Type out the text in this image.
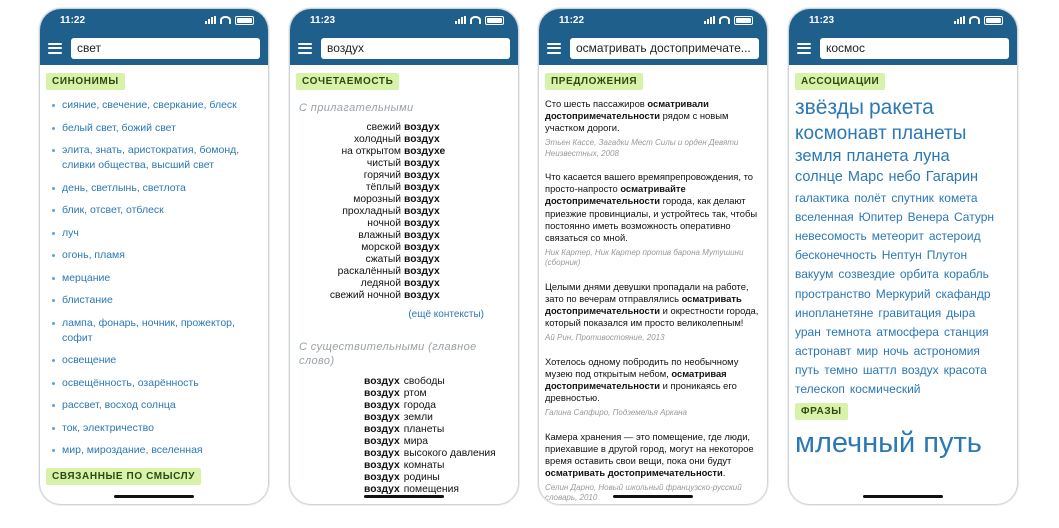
11:22
свет
СИНОНИМЫ
сияние, свечение, сверкание, блеск
белый свет, божий свет
элита, знать, аристократия, бомонд, сливки общества, высший свет
день, светлынь, светлота
блик, отсвет, отблеск
луч
огонь, пламя
мерцание
блистание
лампа, фонарь, ночник, прожектор, софит
освещение
освещённость, озарённость
рассвет, восход солнца
ток, электричество
мир, мироздание, вселенная
СВЯЗАННЫЕ ПО СМЫСЛУ
11:23
воздух
СОЧЕТАЕМОСТЬ
С прилагательными
свежий	воздух
холодный	воздух
на открытом	воздухе
чистый	воздух
горячий	воздух
тёплый	воздух
морозный	воздух
прохладный	воздух
ночной	воздух
влажный	воздух
морской	воздух
сжатый	воздух
раскалённый	воздух
ледяной	воздух
свежий ночной	воздух
(ещё контексты)
С существительными (главное слово)
воздух	свободы
воздух	ртом
воздух	города
воздух	земли
воздух	планеты
воздух	мира
воздух	высокого давления
воздух	комнаты
воздух	родины
воздух	помещения
11:22
осматривать достопримечате...
ПРЕДЛОЖЕНИЯ

Сто шесть пассажиров осматривали достопримечательности рядом с новым участком дороги.

Этьен Кассе, Загадки Мест Силы и орден Девяти Неизвестных, 2008

Что касается вашего времяпрепровождения, то просто-напросто осматривайте достопримечательности города, как делают приезжие провинциалы, и устройтесь так, чтобы постоянно иметь возможность оперативно связаться со мной.

Ник Картер, Ник Картер против барона Мутушини (сборник)

Целыми днями девушки пропадали на работе, зато по вечерам отправлялись осматривать достопримечательности и окрестности города, который показался им просто великолепным!

Ай Рин, Противостояние, 2013

Хотелось одному побродить по необычному музею под открытым небом, осматривая достопримечательности и проникаясь его древностью.

Галина Сапфиро, Подземелья Аркана

Камера хранения — это помещение, где люди, приехавшие в другой город, могут на некоторое время оставить свои вещи, пока они будут осматривать достопримечательности.

Селин Дарно, Новый школьный французско-русский словарь, 2010
11:23
космос
АССОЦИАЦИИ
звёзды ракета
космонавт планеты
земля планета луна
солнце Марс небо Гагарин
галактика полёт спутник комета
вселенная Юпитер Венера Сатурн
невесомость метеорит астероид
бесконечность Нептун Плутон
вакуум созвездие орбита корабль
пространство Меркурий скафандр
инопланетяне гравитация дыра
уран темнота атмосфера станция
астронавт мир ночь астрономия
путь темно шаттл воздух красота
телескоп космический
ФРАЗЫ
млечный путь
